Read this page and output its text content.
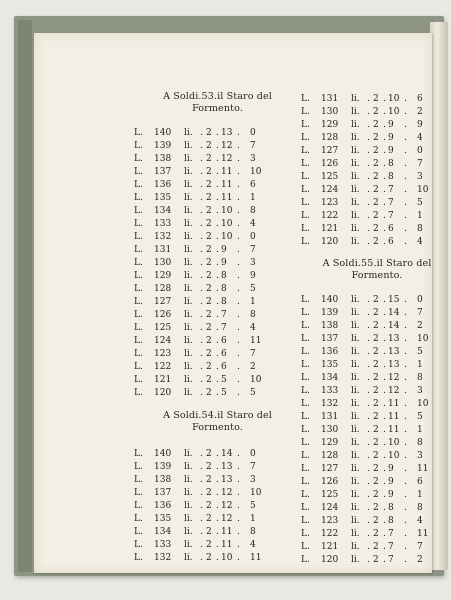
A Soldi.53.il Staro del
Formento.
L. 140 li. 2 13 0
. . .
L. 139 li. 2 12 7
. . .
L. 138 li. 2 12 3
. . .
L. 137 li. 2 11 10
. . .
L. 136 li. 2 11 6
. . .
L. 135 li. 2 11 1
. . .
L. 134 li. 2 10 8
. . .
L. 133 li. 2 10 4
. . .
L. 132 li. 2 10 0
. . .
L. 131 li. 2 9	7
. . .
L. 130 li. 2 9	3
. . .
L. 129 li. 2 8	9
. . .
L. 128 li. 2 8	5
. . .
L. 127 li. 2 8	1
. . .
L. 126 li. 2 7	8
. . .
L. 125 li. 2 7	4
. . .
L. 124 li. 2 6	11
. . .
L. 123 li. 2 6	7
. . .
L. 122 li. 2 6	2
. . .
L. 121 li. 2 5	10
. . .
L. 120 li. 2 5	5
. . .
A Soldi.54.il Staro del
Formento.
L. 140 li. 2 14 0
. . .
L. 139 li. 2 13 7
. . .
L. 138 li. 2 13 3
. . .
L. 137 li. 2 12 10
. . .
L. 136 li. 2 12 5
. . .
L. 135 li. 2 12 1
. . .
L. 134 li. 2 11 8
. . .
L. 133 li. 2 11 4
. . .
L. 132 li. 2 10 11
. . .
L. 131 li. 2 10 6
. . .
L. 130 li. 2 10 2
. . .
L. 129 li. 2 9	9
. . .
L. 128 li. 2 9	4
. . .
L. 127 li. 2 9	0
. . .
L. 126 li. 2 8	7
. . .
L. 125 li. 2 8	3
. . .
L. 124 li. 2 7	10
. . .
L. 123 li. 2 7	5
. . .
L. 122 li. 2 7	1
. . .
L. 121 li. 2 6	8
. . .
L. 120 li. 2 6	4
. . .
A Soldi.55.il Staro del
Formento.
L. 140 li. 2 15 0
. . .
L. 139 li. 2 14 7
. . .
L. 138 li. 2 14 2
. . .
L. 137 li. 2 13 10
. . .
L. 136 li. 2 13 5
. . .
L. 135 li. 2 13 1
. . .
L. 134 li. 2 12 8
. . .
L. 133 li. 2 12 3
. . .
L. 132 li. 2 11 10
. . .
L. 131 li. 2 11 5
. . .
L. 130 li. 2 11 1
. . .
L. 129 li. 2 10 8
. . .
L. 128 li. 2 10 3
. . .
L. 127 li. 2 9	11
. . .
L. 126 li. 2 9	6
. . .
L. 125 li. 2 9	1
. . .
L. 124 li. 2 8	8
. . .
L. 123 li. 2 8	4
. . .
L. 122 li. 2 7	11
. . .
L. 121 li. 2 7	7
. . .
L. 120 li. 2 7	2
. . .
